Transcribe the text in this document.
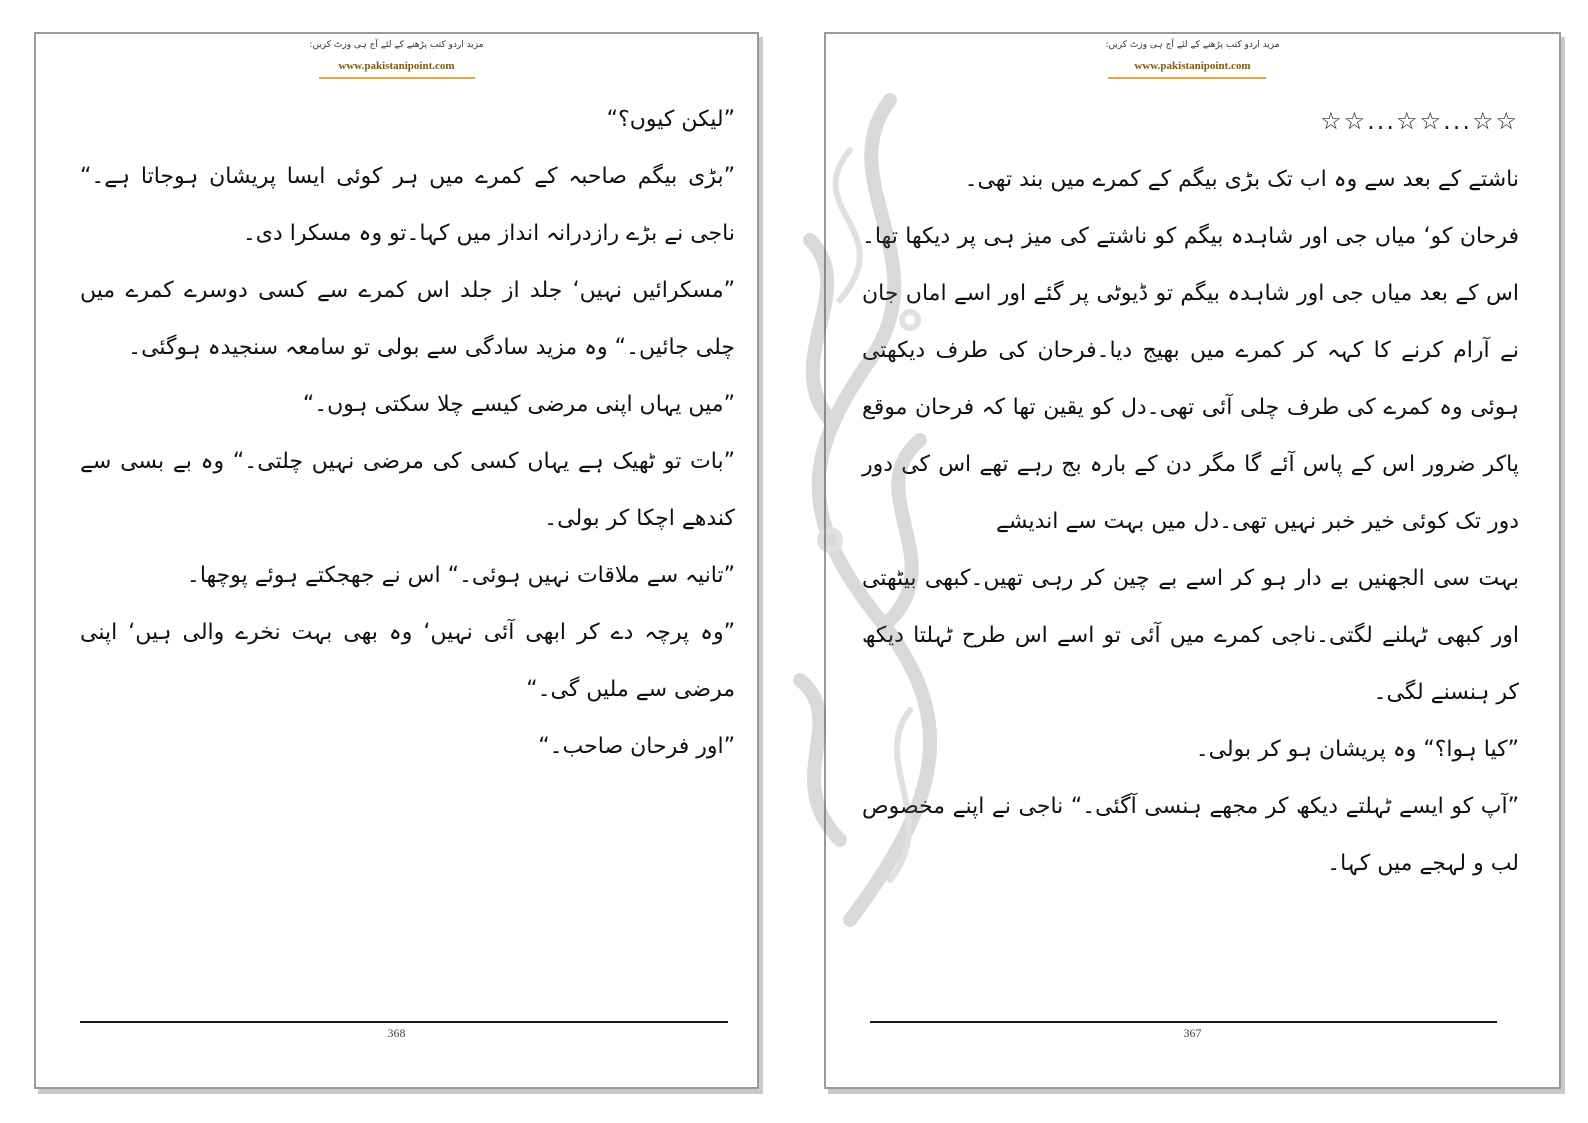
مزید اردو کتب پڑھنے کے لئے آج ہی وزٹ کریں:
www.pakistanipoint.com

”لیکن کیوں؟“

”بڑی بیگم صاحبہ کے کمرے میں ہر کوئی ایسا پریشان ہوجاتا ہے۔“ ناجی نے بڑے رازدرانہ انداز میں کہا۔تو وہ مسکرا دی۔

”مسکرائیں نہیں‘ جلد از جلد اس کمرے سے کسی دوسرے کمرے میں چلی جائیں۔“ وہ مزید سادگی سے بولی تو سامعہ سنجیدہ ہوگئی۔

”میں یہاں اپنی مرضی کیسے چلا سکتی ہوں۔“

”بات تو ٹھیک ہے یہاں کسی کی مرضی نہیں چلتی۔“ وہ بے بسی سے کندھے اچکا کر بولی۔

”تانیہ سے ملاقات نہیں ہوئی۔“ اس نے جھجکتے ہوئے پوچھا۔

”وہ پرچہ دے کر ابھی آئی نہیں‘ وہ بھی بہت نخرے والی ہیں‘ اپنی مرضی سے ملیں گی۔“

”اور فرحان صاحب۔“

368
مزید اردو کتب پڑھنے کے لئے آج ہی وزٹ کریں:
www.pakistanipoint.com

☆☆...☆☆...☆☆

ناشتے کے بعد سے وہ اب تک بڑی بیگم کے کمرے میں بند تھی۔

فرحان کو‘ میاں جی اور شاہدہ بیگم کو ناشتے کی میز ہی پر دیکھا تھا۔اس کے بعد میاں جی اور شاہدہ بیگم تو ڈیوٹی پر گئے اور اسے اماں جان نے آرام کرنے کا کہہ کر کمرے میں بھیج دیا۔فرحان کی طرف دیکھتی ہوئی وہ کمرے کی طرف چلی آئی تھی۔دل کو یقین تھا کہ فرحان موقع پاکر ضرور اس کے پاس آئے گا مگر دن کے بارہ بج رہے تھے اس کی دور دور تک کوئی خیر خبر نہیں تھی۔دل میں بہت سے اندیشے

بہت سی الجھنیں بے دار ہو کر اسے بے چین کر رہی تھیں۔کبھی بیٹھتی اور کبھی ٹہلنے لگتی۔ناجی کمرے میں آئی تو اسے اس طرح ٹہلتا دیکھ کر ہنسنے لگی۔

”کیا ہوا؟“ وہ پریشان ہو کر بولی۔

”آپ کو ایسے ٹہلتے دیکھ کر مجھے ہنسی آگئی۔“ ناجی نے اپنے مخصوص لب و لہجے میں کہا۔

367
